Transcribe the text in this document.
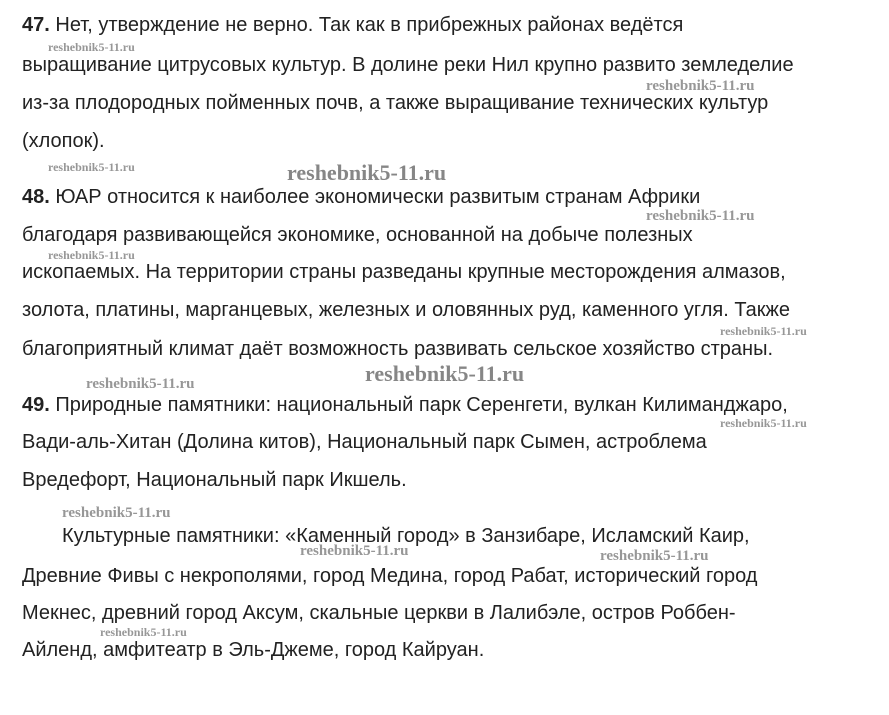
47. Нет, утверждение не верно. Так как в прибрежных районах ведётся
выращивание цитрусовых культур. В долине реки Нил крупно развито земледелие
из-за плодородных пойменных почв, а также выращивание технических культур
(хлопок).
48. ЮАР относится к наиболее экономически развитым странам Африки
благодаря развивающейся экономике, основанной на добыче полезных
ископаемых. На территории страны разведаны крупные месторождения алмазов,
золота, платины, марганцевых, железных и оловянных руд, каменного угля. Также
благоприятный климат даёт возможность развивать сельское хозяйство страны.
49. Природные памятники: национальный парк Серенгети, вулкан Килиманджаро,
Вади-аль-Хитан (Долина китов), Национальный парк Сымен, астроблема
Вредефорт, Национальный парк Икшель.
Культурные памятники: «Каменный город» в Занзибаре, Исламский Каир,
Древние Фивы с некрополями, город Медина, город Рабат, исторический город
Мекнес, древний город Аксум, скальные церкви в Лалибэле, остров Роббен-
Айленд, амфитеатр в Эль-Джеме, город Кайруан.
reshebnik5-11.ru
reshebnik5-11.ru
reshebnik5-11.ru	reshebnik5-11.ru
reshebnik5-11.ru
reshebnik5-11.ru
reshebnik5-11.ru
reshebnik5-11.ru	reshebnik5-11.ru
reshebnik5-11.ru
reshebnik5-11.ru
reshebnik5-11.ru	reshebnik5-11.ru
reshebnik5-11.ru
